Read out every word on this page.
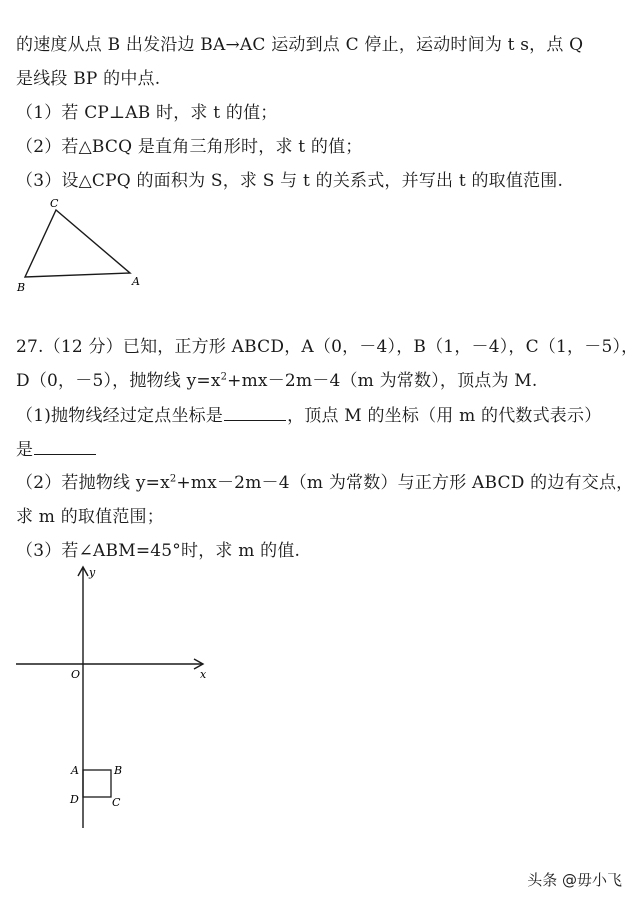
的速度从点 B 出发沿边 BA→AC 运动到点 C 停止，运动时间为 t s，点 Q
是线段 BP 的中点.
（1）若 CP⊥AB 时，求 t 的值；
（2）若△BCQ 是直角三角形时，求 t 的值；
（3）设△CPQ 的面积为 S，求 S 与 t 的关系式，并写出 t 的取值范围.
C
B	A
27.（12 分）已知，正方形 ABCD，A（0，－4），B（1，－4），C（1，－5），
D（0，－5），抛物线 $y=x^2+mx-2m-4(m$ 为常数），顶点为 M.
（1)抛物线经过定点坐标是	，顶点 M 的坐标（用 m 的代数式表示）
是
（2）若抛物线 $y=x^2+mx-2m-4(m$ 为常数）与正方形 ABCD 的边有交点，
求 m 的取值范围；
（3）若∠ABM=45°时，求 m 的值.
y
x
O
A	B
D	C
头条 @毋小飞
